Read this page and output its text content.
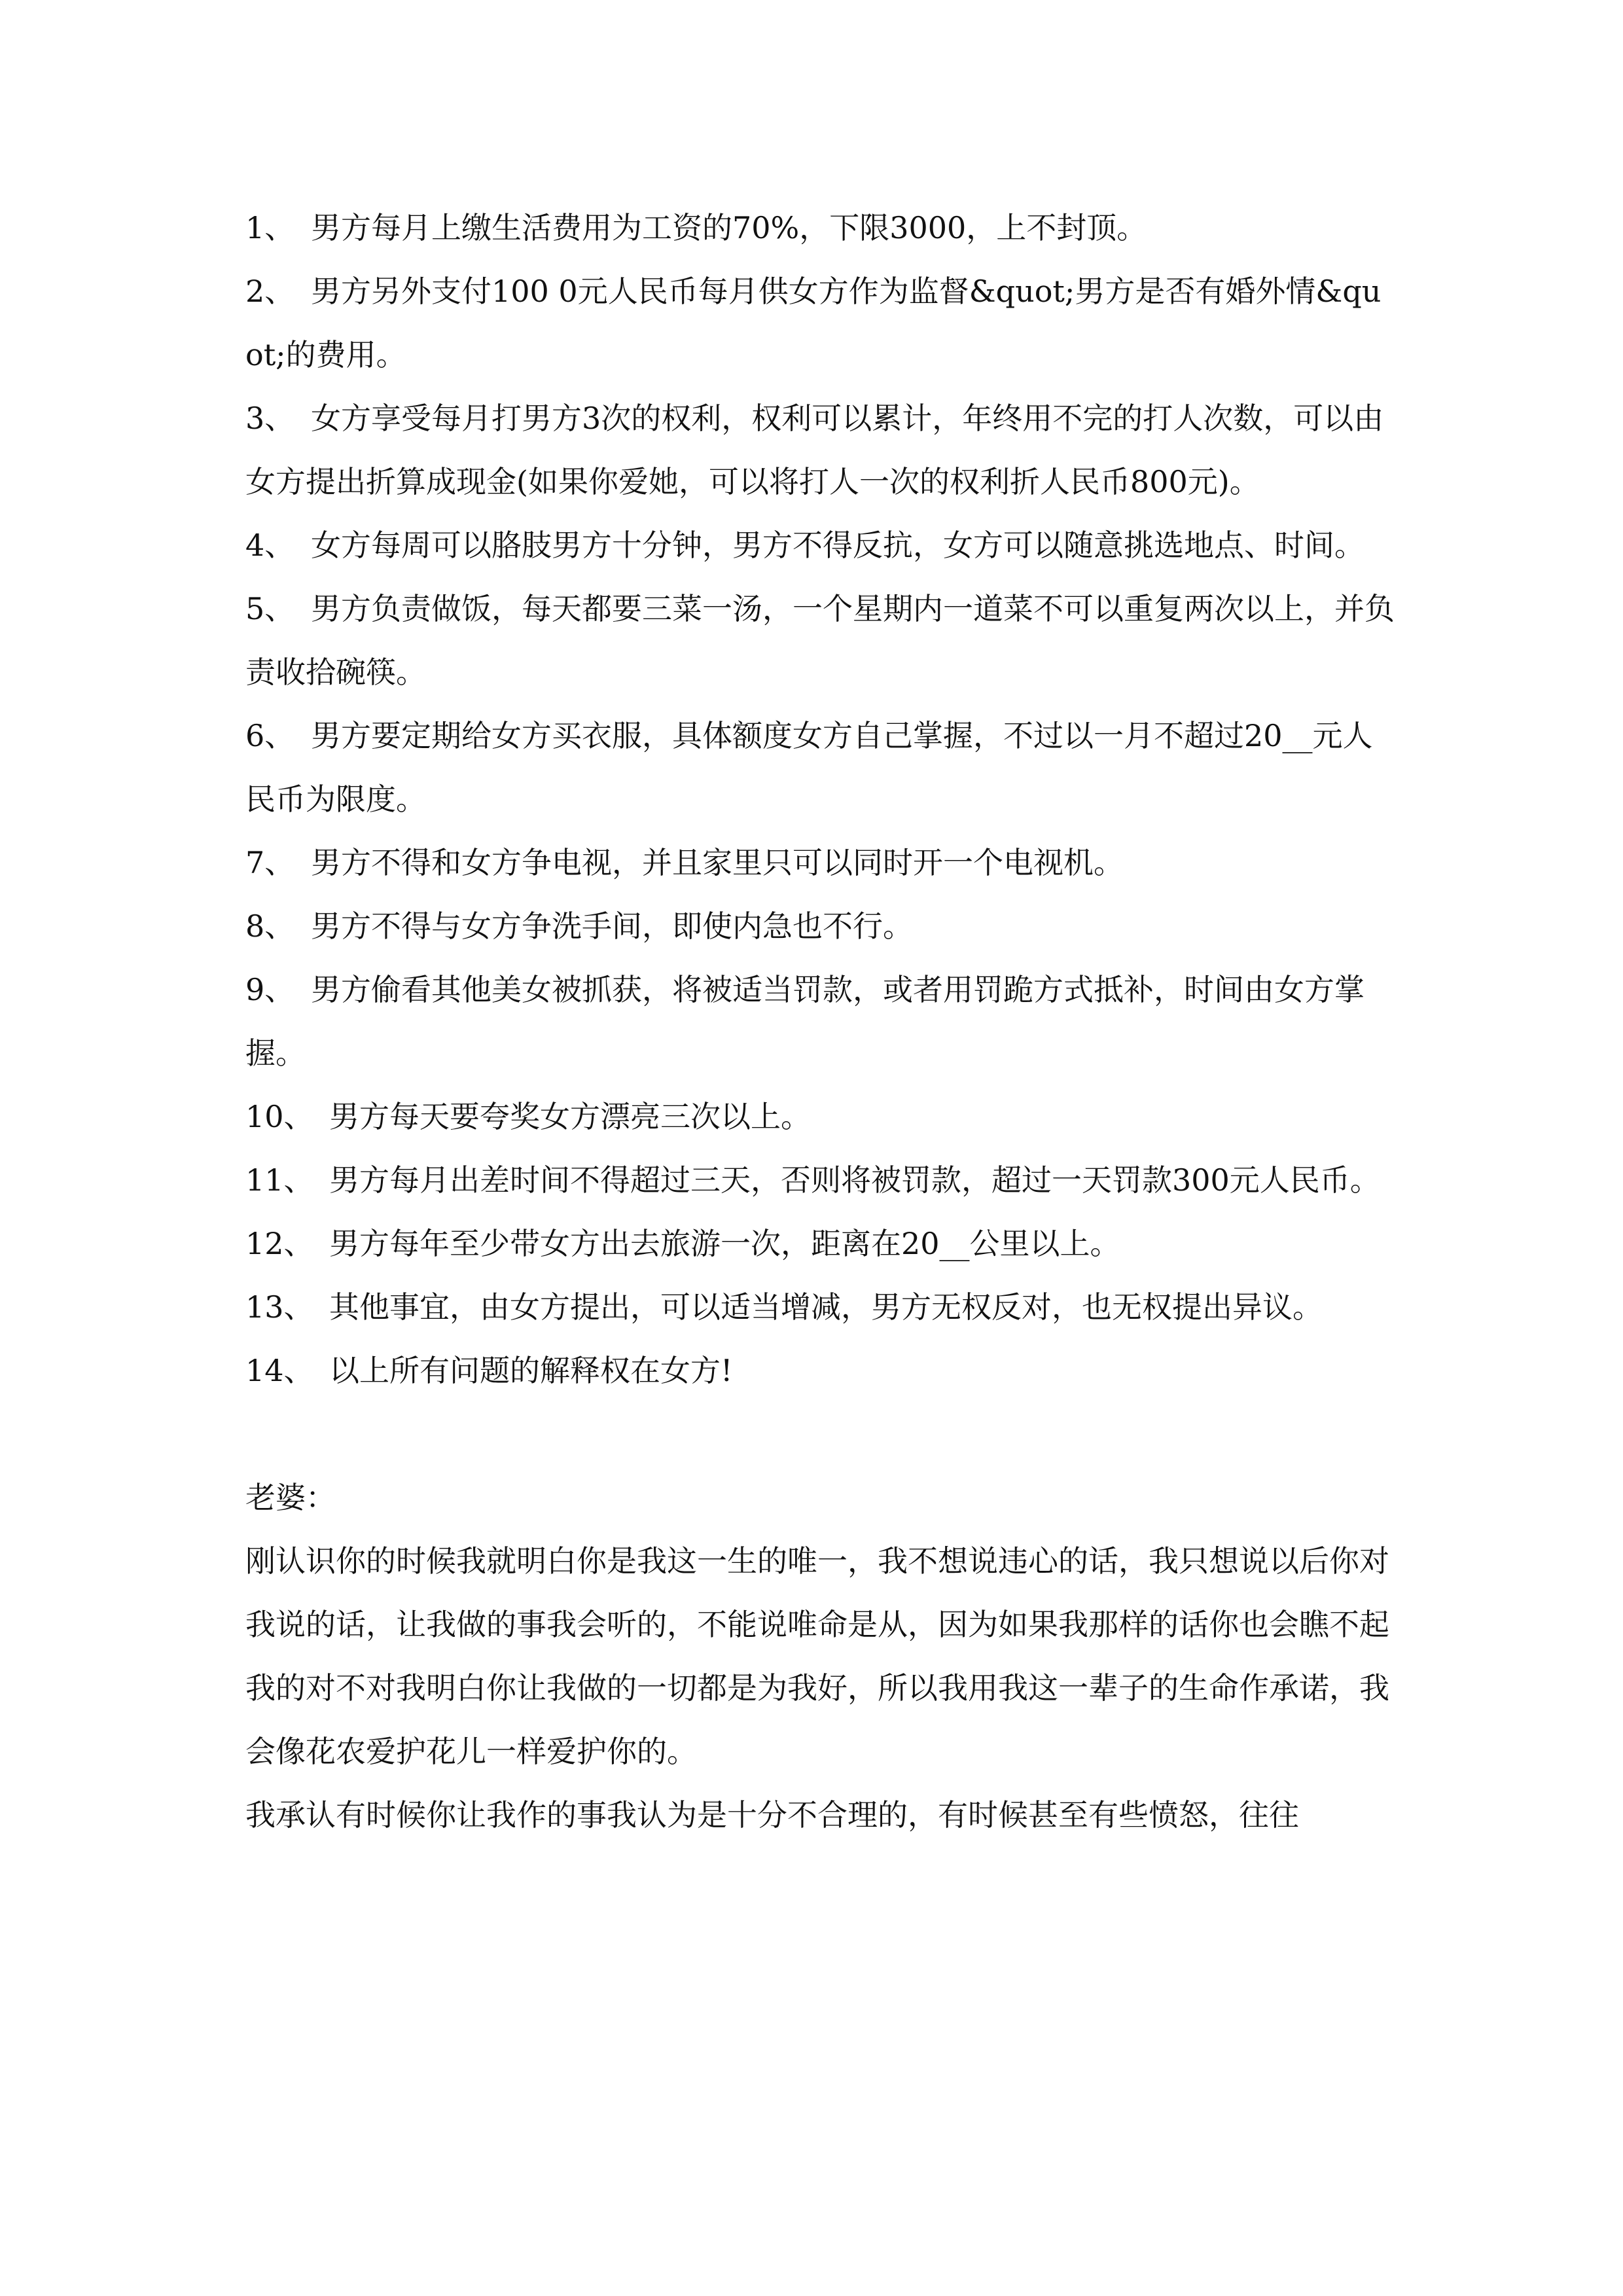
1、 男方每月上缴生活费用为工资的70%，下限3000，上不封顶。

2、 男方另外支付100 0元人民币每月供女方作为监督&quot;男方是否有婚外情&quot;的费用。

3、 女方享受每月打男方3次的权利，权利可以累计，年终用不完的打人次数，可以由女方提出折算成现金(如果你爱她，可以将打人一次的权利折人民币800元)。

4、 女方每周可以胳肢男方十分钟，男方不得反抗，女方可以随意挑选地点、时间。

5、 男方负责做饭，每天都要三菜一汤，一个星期内一道菜不可以重复两次以上，并负责收拾碗筷。

6、 男方要定期给女方买衣服，具体额度女方自己掌握，不过以一月不超过20__元人民币为限度。

7、 男方不得和女方争电视，并且家里只可以同时开一个电视机。

8、 男方不得与女方争洗手间，即使内急也不行。

9、 男方偷看其他美女被抓获，将被适当罚款，或者用罚跪方式抵补，时间由女方掌握。

10、 男方每天要夸奖女方漂亮三次以上。

11、 男方每月出差时间不得超过三天，否则将被罚款，超过一天罚款300元人民币。

12、 男方每年至少带女方出去旅游一次，距离在20__公里以上。

13、 其他事宜，由女方提出，可以适当增减，男方无权反对，也无权提出异议。

14、 以上所有问题的解释权在女方!

老婆：

刚认识你的时候我就明白你是我这一生的唯一，我不想说违心的话，我只想说以后你对我说的话，让我做的事我会听的，不能说唯命是从，因为如果我那样的话你也会瞧不起我的对不对我明白你让我做的一切都是为我好，所以我用我这一辈子的生命作承诺，我会像花农爱护花儿一样爱护你的。

我承认有时候你让我作的事我认为是十分不合理的，有时候甚至有些愤怒，往往
